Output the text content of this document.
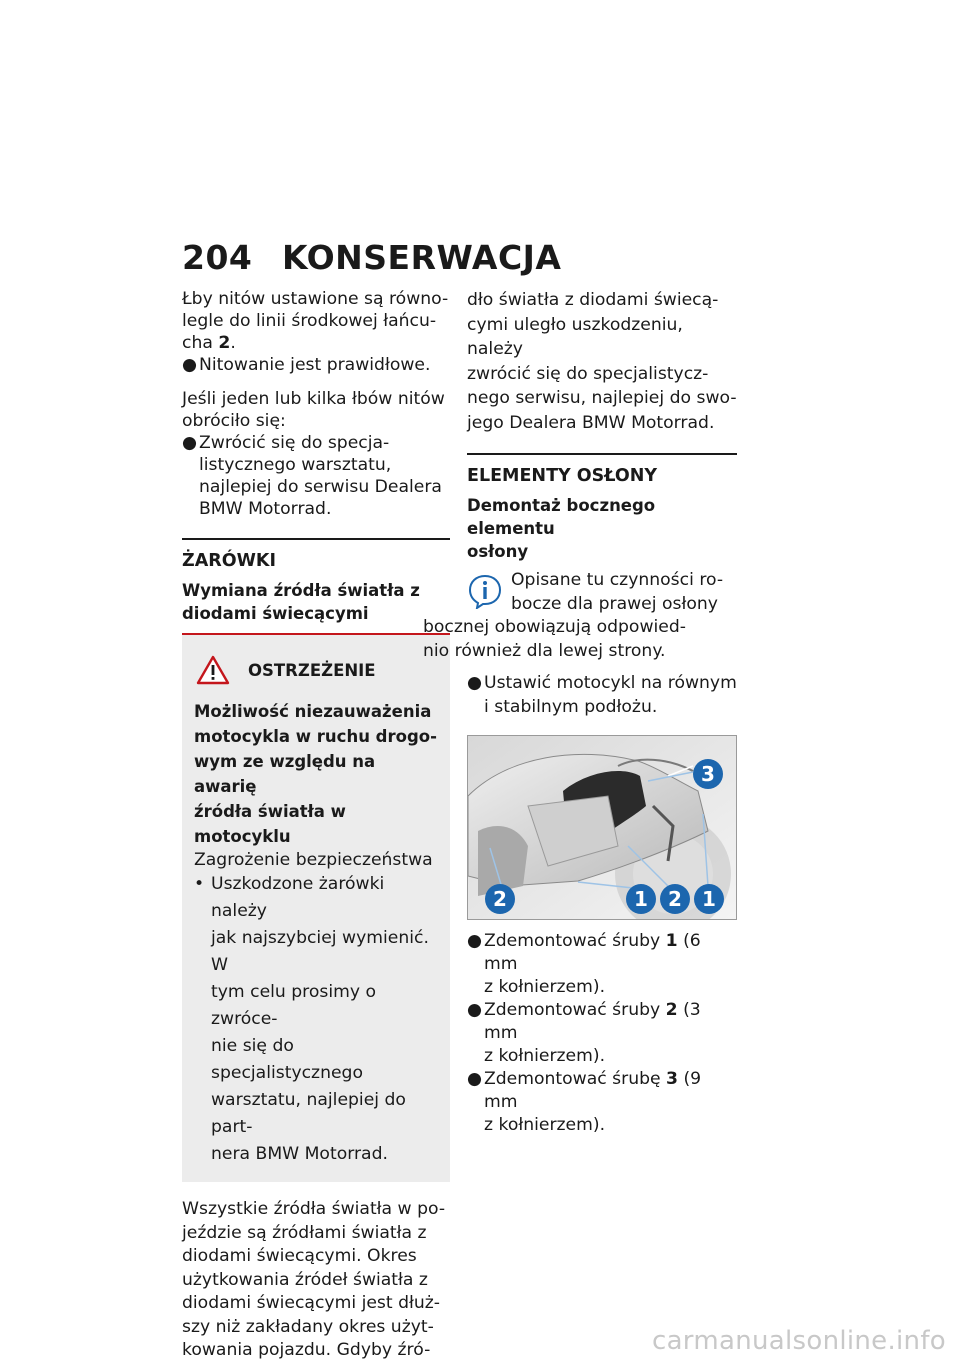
204 KONSERWACJA

Łby nitów ustawione są równo-
legle do linii środkowej łańcu-
cha 2.

● Nitowanie jest prawidłowe.

Jeśli jeden lub kilka łbów nitów
obróciło się:

● Zwrócić się do specja-
listycznego warsztatu,
najlepiej do serwisu Dealera
BMW Motorrad.
ŻARÓWKI
Wymiana źródła światła z
diodami świecącymi
OSTRZEŻENIE
Możliwość niezauważenia
motocykla w ruchu drogo-
wym ze względu na awarię
źródła światła w motocyklu

Zagrożenie bezpieczeństwa

• Uszkodzone żarówki należy
jak najszybciej wymienić. W
tym celu prosimy o zwróce-
nie się do specjalistycznego
warsztatu, najlepiej do part-
nera BMW Motorrad.

Wszystkie źródła światła w po-
jeździe są źródłami światła z
diodami świecącymi. Okres
użytkowania źródeł światła z
diodami świecącymi jest dłuż-
szy niż zakładany okres użyt-
kowania pojazdu. Gdyby źró-

dło światła z diodami świecą-
cymi uległo uszkodzeniu, należy
zwrócić się do specjalistycz-
nego serwisu, najlepiej do swo-
jego Dealera BMW Motorrad.

ELEMENTY OSŁONY
Demontaż bocznego elementu
osłony

Opisane tu czynności ro-
bocze dla prawej osłony
bocznej obowiązują odpowied-
nio również dla lewej strony.

● Ustawić motocykl na równym
i stabilnym podłożu.
3
2	1 2 1
● Zdemontować śruby 1 (6 mm
z kołnierzem).
● Zdemontować śruby 2 (3 mm
z kołnierzem).
● Zdemontować śrubę 3 (9 mm
z kołnierzem).
carmanualsonline.info
